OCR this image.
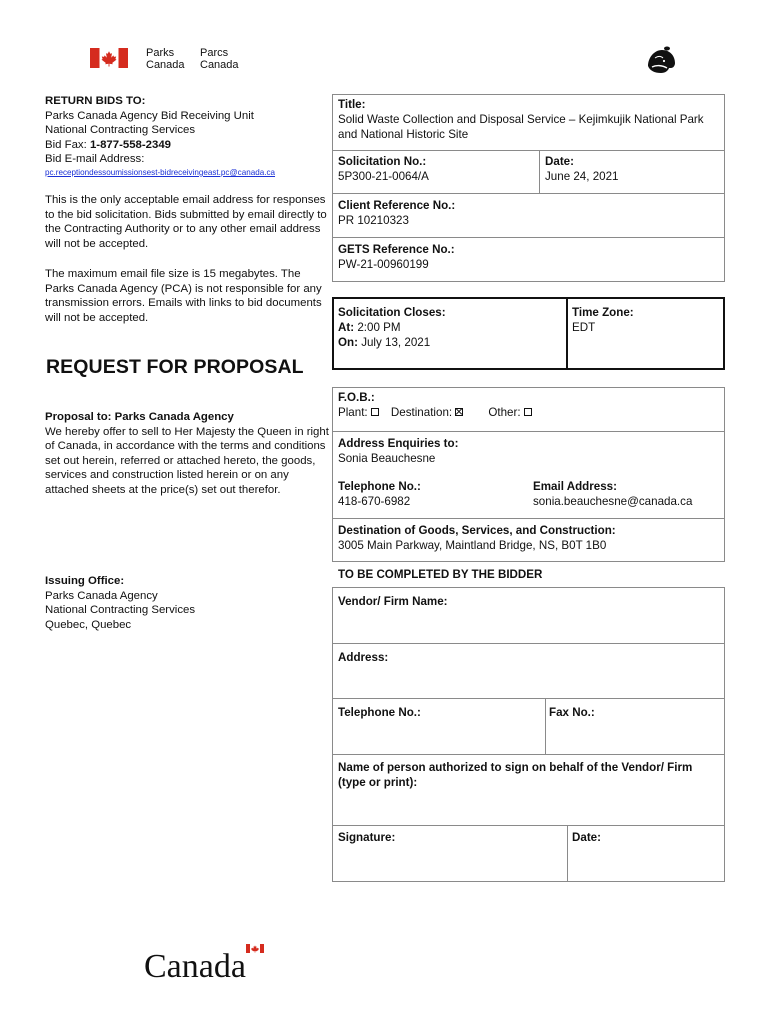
Parks
Canada
Parcs
Canada

RETURN BIDS TO:

Parks Canada Agency Bid Receiving Unit

National Contracting Services

Bid Fax: 1-877-558-2349

Bid E-mail Address:

pc.receptiondessoumissionsest-bidreceivingeast.pc@canada.ca

This is the only acceptable email address for responses to the bid solicitation. Bids submitted by email directly to the Contracting Authority or to any other email address will not be accepted.

The maximum email file size is 15 megabytes. The Parks Canada Agency (PCA) is not responsible for any transmission errors. Emails with links to bid documents will not be accepted.

REQUEST FOR PROPOSAL

Proposal to: Parks Canada Agency

We hereby offer to sell to Her Majesty the Queen in right of Canada, in accordance with the terms and conditions set out herein, referred or attached hereto, the goods, services and construction listed herein or on any attached sheets at the price(s) set out therefor.

Issuing Office:

Parks Canada Agency

National Contracting Services

Quebec, Quebec

Title:
Solid Waste Collection and Disposal Service – Kejimkujik National Park and National Historic Site
Solicitation No.:
5P300-21-0064/A
Date:
June 24, 2021
Client Reference No.:
PR 10210323
GETS Reference No.:
PW-21-00960199
Solicitation Closes:
At: 2:00 PM
On: July 13, 2021
Time Zone:
EDT
F.O.B.:
Plant: Destination:	Other:
Address Enquiries to:
Sonia Beauchesne
Telephone No.:
418-670-6982
Email Address:
sonia.beauchesne@canada.ca
Destination of Goods, Services, and Construction:
3005 Main Parkway, Maintland Bridge, NS, B0T 1B0
TO BE COMPLETED BY THE BIDDER
Vendor/ Firm Name:
Address:
Telephone No.:	Fax No.:
Name of person authorized to sign on behalf of the Vendor/ Firm (type or print):
Signature:	Date:
Canada
